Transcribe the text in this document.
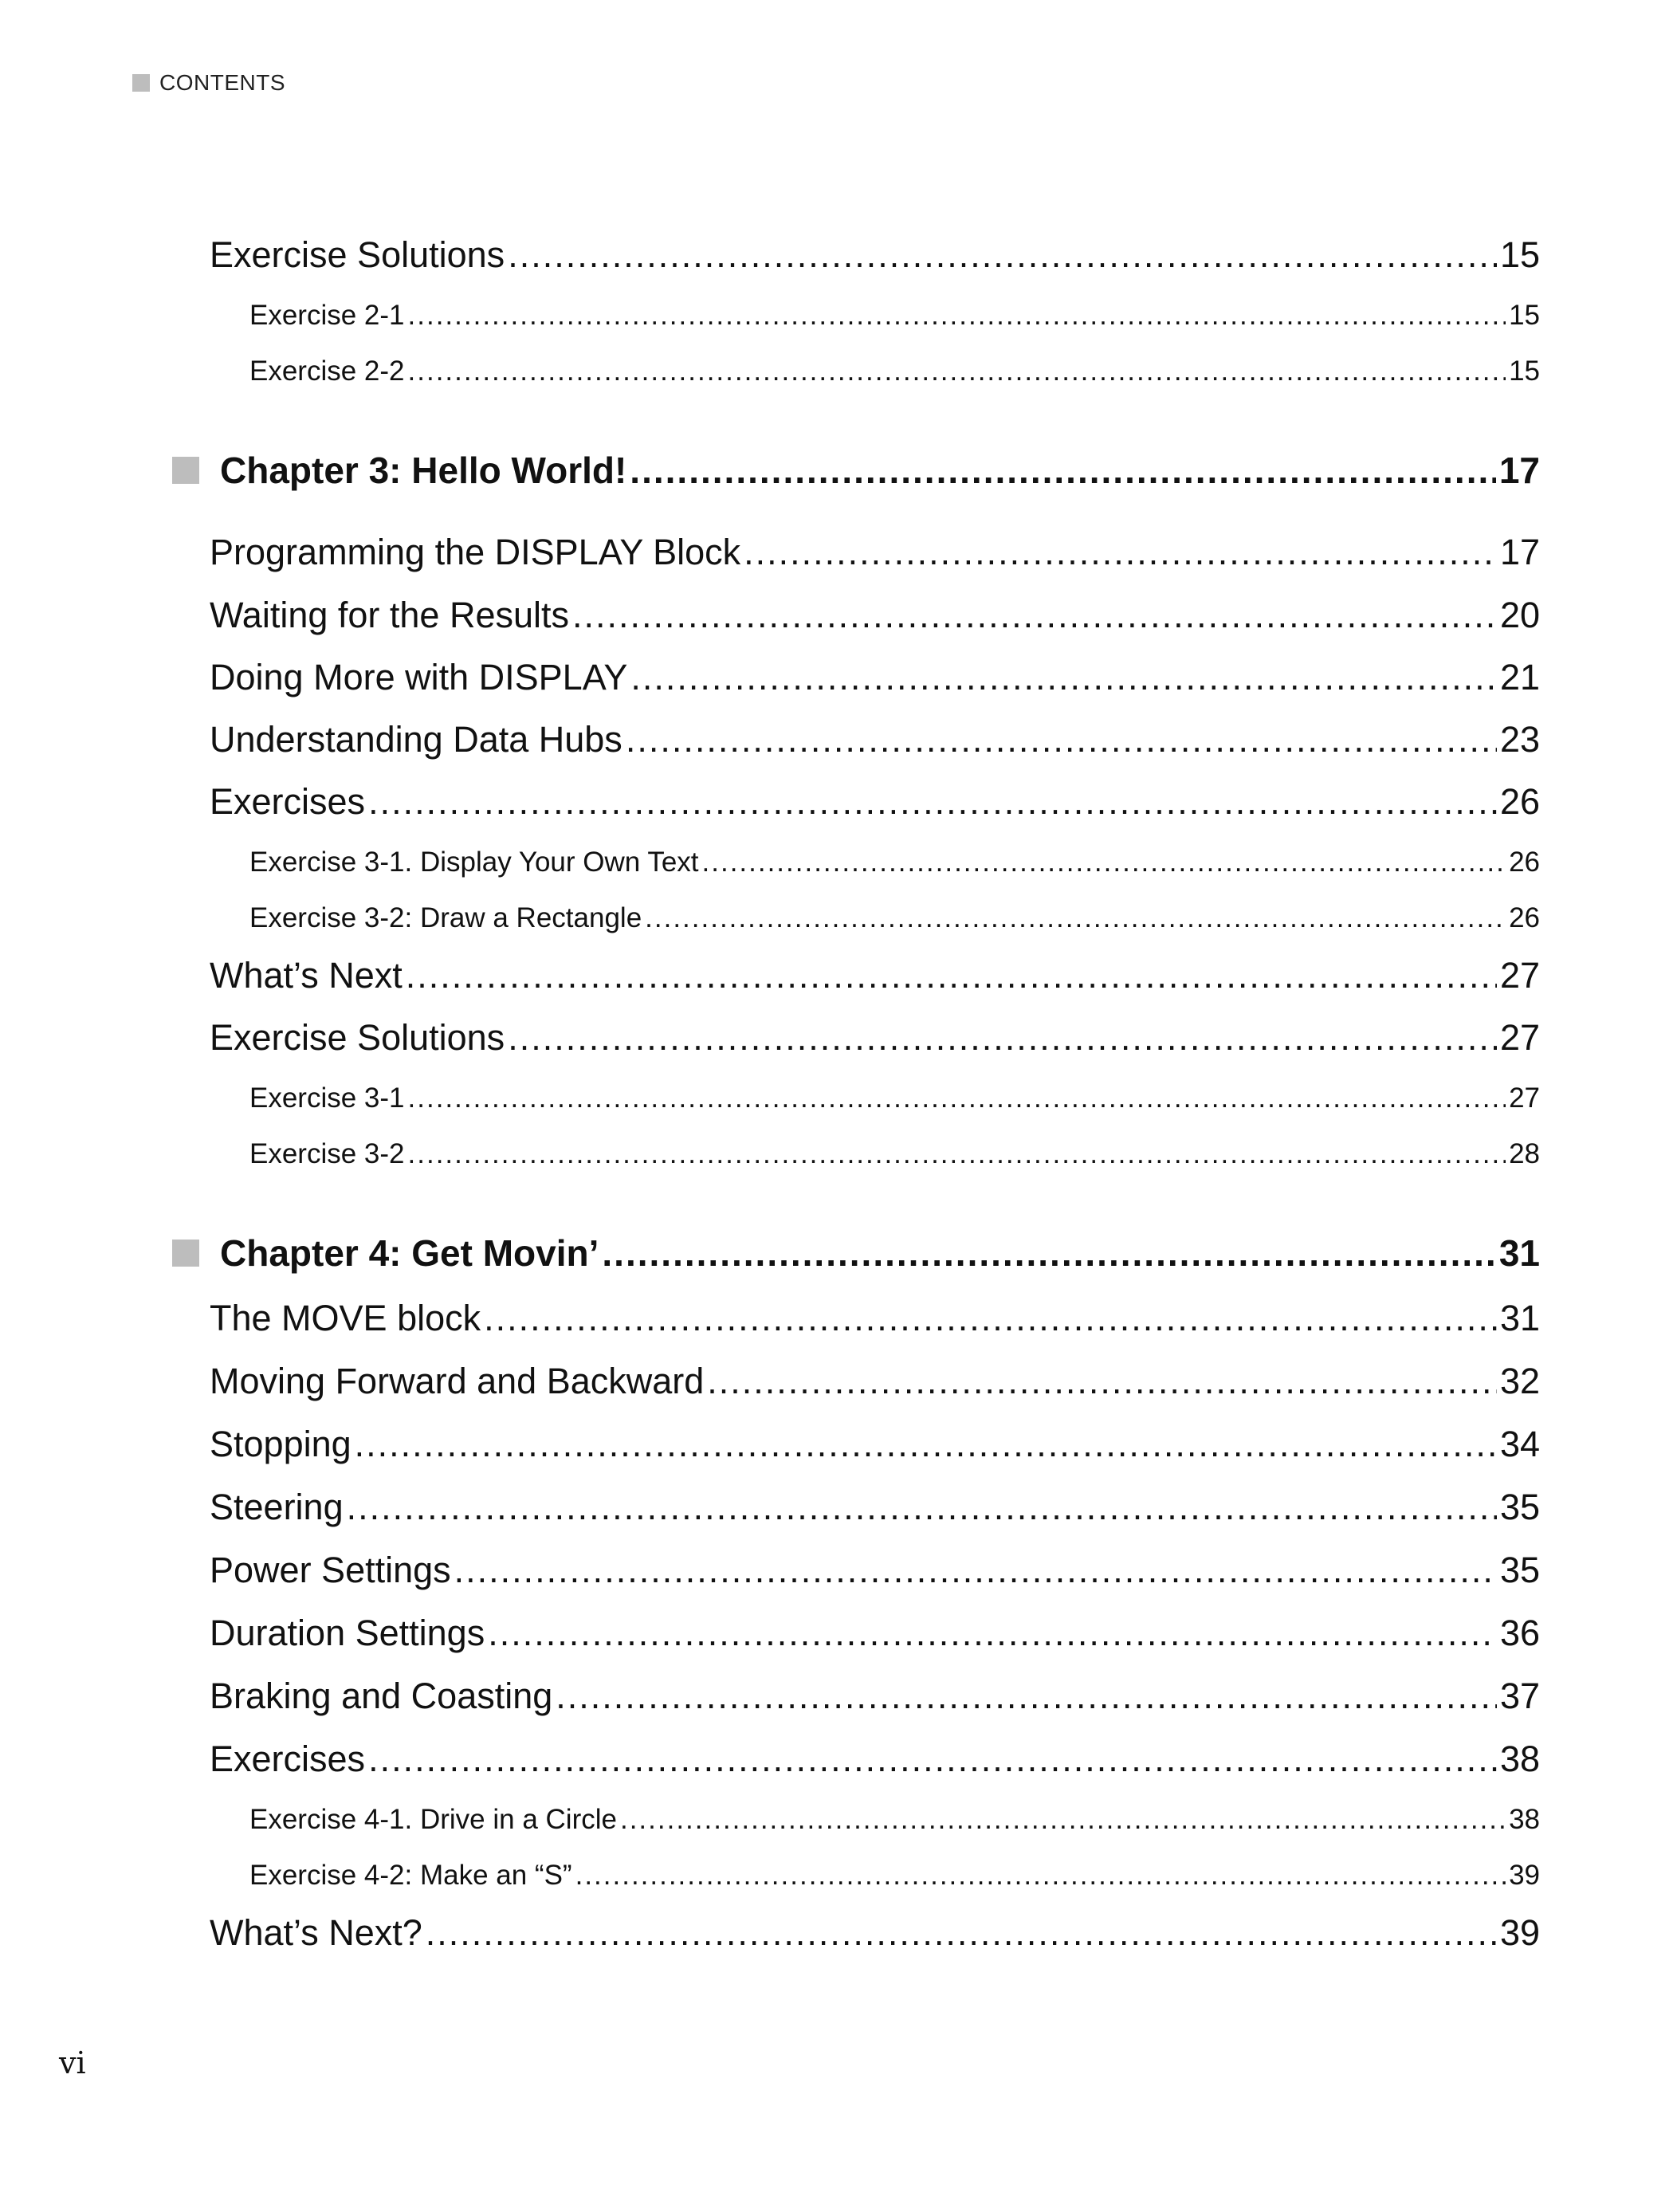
CONTENTS
Exercise Solutions .....	15
Exercise 2-1 .....	15
Exercise 2-2 .....	15
Chapter 3: Hello World! .....	17
Programming the DISPLAY Block .....	17
Waiting for the Results .....	20
Doing More with DISPLAY .....	21
Understanding Data Hubs .....	23
Exercises .....	26
Exercise 3-1. Display Your Own Text .....	26
Exercise 3-2: Draw a Rectangle .....	26
What’s Next .....	27
Exercise Solutions .....	27
Exercise 3-1 .....	27
Exercise 3-2 .....	28
Chapter 4: Get Movin’ .....	31
The MOVE block .....	31
Moving Forward and Backward .....	32
Stopping .....	34
Steering .....	35
Power Settings .....	35
Duration Settings .....	36
Braking and Coasting .....	37
Exercises .....	38
Exercise 4-1. Drive in a Circle .....	38
Exercise 4-2: Make an “S” .....	39
What’s Next? .....	39
vi
